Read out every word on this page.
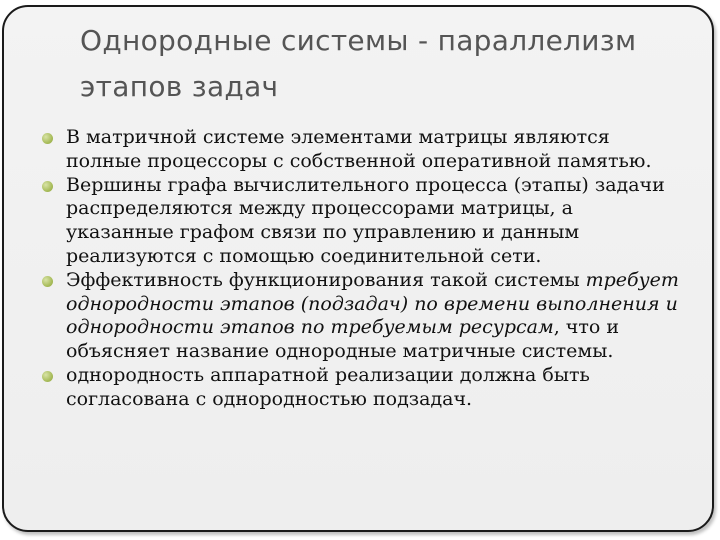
Однородные системы - параллелизм
этапов задач
В матричной системе элементами матрицы являются полные процессоры с собственной оперативной памятью.
Вершины графа вычислительного процесса (этапы) задачи распределяются между процессорами матрицы, а указанные графом связи по управлению и данным реализуются с помощью соединительной сети.
Эффективность функционирования такой системы требует однородности этапов (подзадач) по времени выполнения и однородности этапов по требуемым ресурсам, что и объясняет название однородные матричные системы.
однородность аппаратной реализации должна быть согласована с однородностью подзадач.
